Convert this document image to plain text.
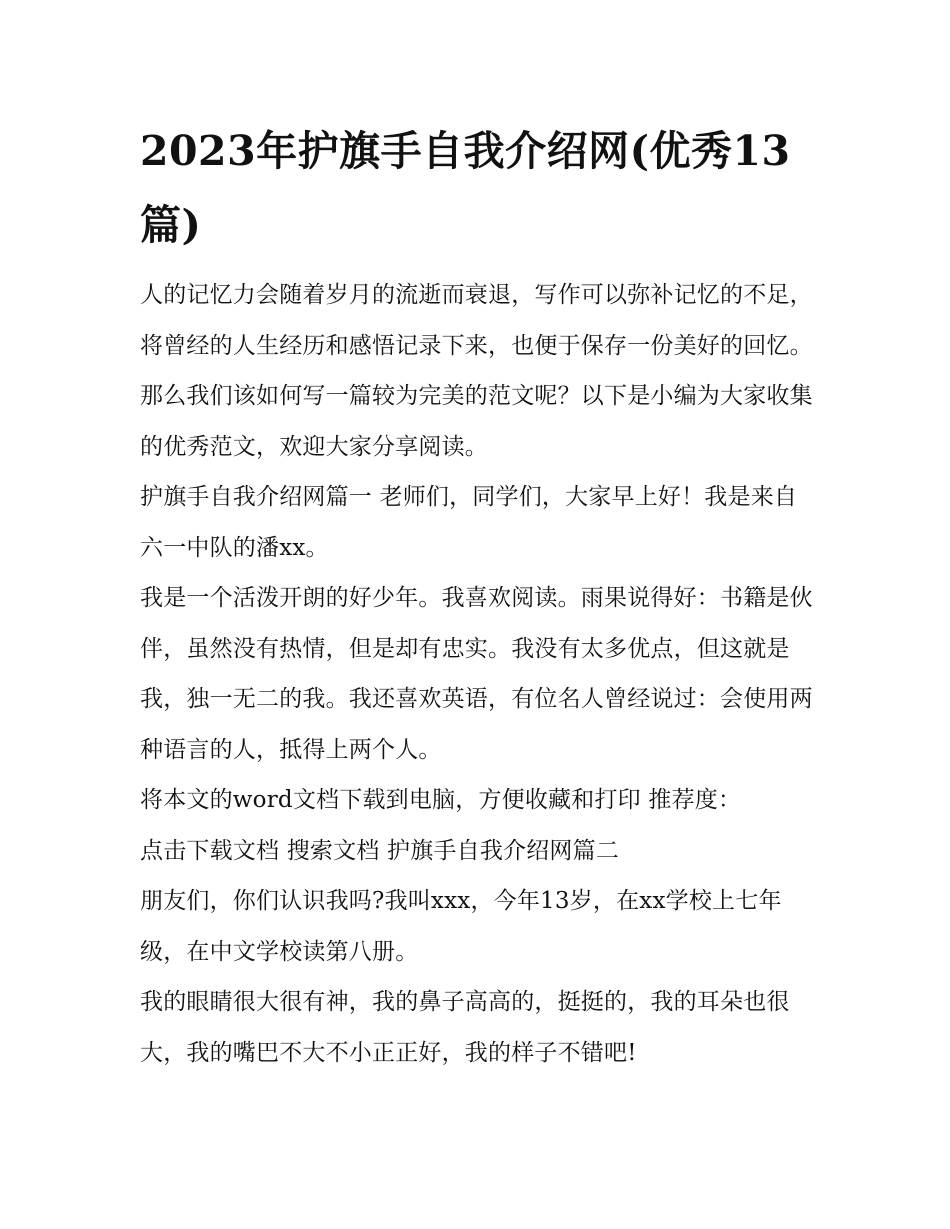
2023年护旗手自我介绍网(优秀13篇)

人的记忆力会随着岁月的流逝而衰退，写作可以弥补记忆的不足，将曾经的人生经历和感悟记录下来，也便于保存一份美好的回忆。那么我们该如何写一篇较为完美的范文呢？以下是小编为大家收集的优秀范文，欢迎大家分享阅读。

护旗手自我介绍网篇一 老师们，同学们，大家早上好！我是来自六一中队的潘xx。

我是一个活泼开朗的好少年。我喜欢阅读。雨果说得好：书籍是伙伴，虽然没有热情，但是却有忠实。我没有太多优点，但这就是我，独一无二的我。我还喜欢英语，有位名人曾经说过：会使用两种语言的人，抵得上两个人。

将本文的word文档下载到电脑，方便收藏和打印 推荐度：

点击下载文档 搜索文档 护旗手自我介绍网篇二

朋友们，你们认识我吗?我叫xxx，今年13岁，在xx学校上七年级，在中文学校读第八册。

我的眼睛很大很有神，我的鼻子高高的，挺挺的，我的耳朵也很大，我的嘴巴不大不小正正好，我的样子不错吧!
